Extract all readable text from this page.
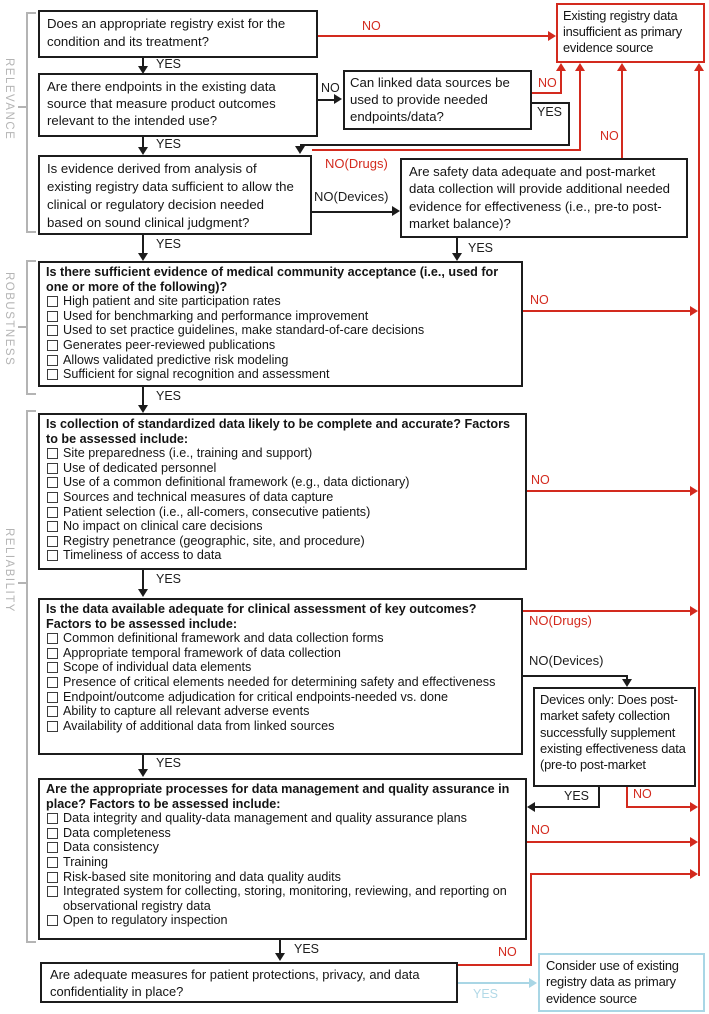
RELEVANCE
ROBUSTNESS
RELIABILITY
Does an appropriate registry exist for the condition and its treatment?
Are there endpoints in the existing data source that measure product outcomes relevant to the intended use?
Can linked data sources be used to provide needed endpoints/data?
Is evidence derived from analysis of existing registry data sufficient to allow the clinical or regulatory decision needed based on sound clinical judgment?
Are safety data adequate and post-market data collection will provide additional needed evidence for effectiveness (i.e., pre-to post-market balance)?
Existing registry data insufficient as primary evidence source
Is there sufficient evidence of medical community acceptance (i.e., used for one or more of the following)?
High patient and site participation rates
Used for benchmarking and performance improvement
Used to set practice guidelines, make standard-of-care decisions
Generates peer-reviewed publications
Allows validated predictive risk modeling
Sufficient for signal recognition and assessment
Is collection of standardized data likely to be complete and accurate? Factors to be assessed include:
Site preparedness (i.e., training and support)
Use of dedicated personnel
Use of a common definitional framework (e.g., data dictionary)
Sources and technical measures of data capture
Patient selection (i.e., all-comers, consecutive patients)
No impact on clinical care decisions
Registry penetrance (geographic, site, and procedure)
Timeliness of access to data
Is the data available adequate for clinical assessment of key outcomes? Factors to be assessed include:
Common definitional framework and data collection forms
Appropriate temporal framework of data collection
Scope of individual data elements
Presence of critical elements needed for determining safety and effectiveness
Endpoint/outcome adjudication for critical endpoints-needed vs. done
Ability to capture all relevant adverse events
Availability of additional data from linked sources
Devices only: Does post-market safety collection successfully supplement existing effectiveness data (pre-to post-market
Are the appropriate processes for data management and quality assurance in place? Factors to be assessed include:
Data integrity and quality-data management and quality assurance plans
Data completeness
Data consistency
Training
Risk-based site monitoring and data quality audits
Integrated system for collecting, storing, monitoring, reviewing, and reporting on observational registry data
Open to regulatory inspection
Are adequate measures for patient protections, privacy, and data confidentiality in place?
Consider use of existing registry data as primary evidence source
YES
NO
NO
YES
YES
NO
NO(Drugs)
NO(Devices)
NO
YES
YES
YES
NO
YES
NO
YES
NO(Drugs)
NO(Devices)
YES	NO
NO
YES	NO
YES
